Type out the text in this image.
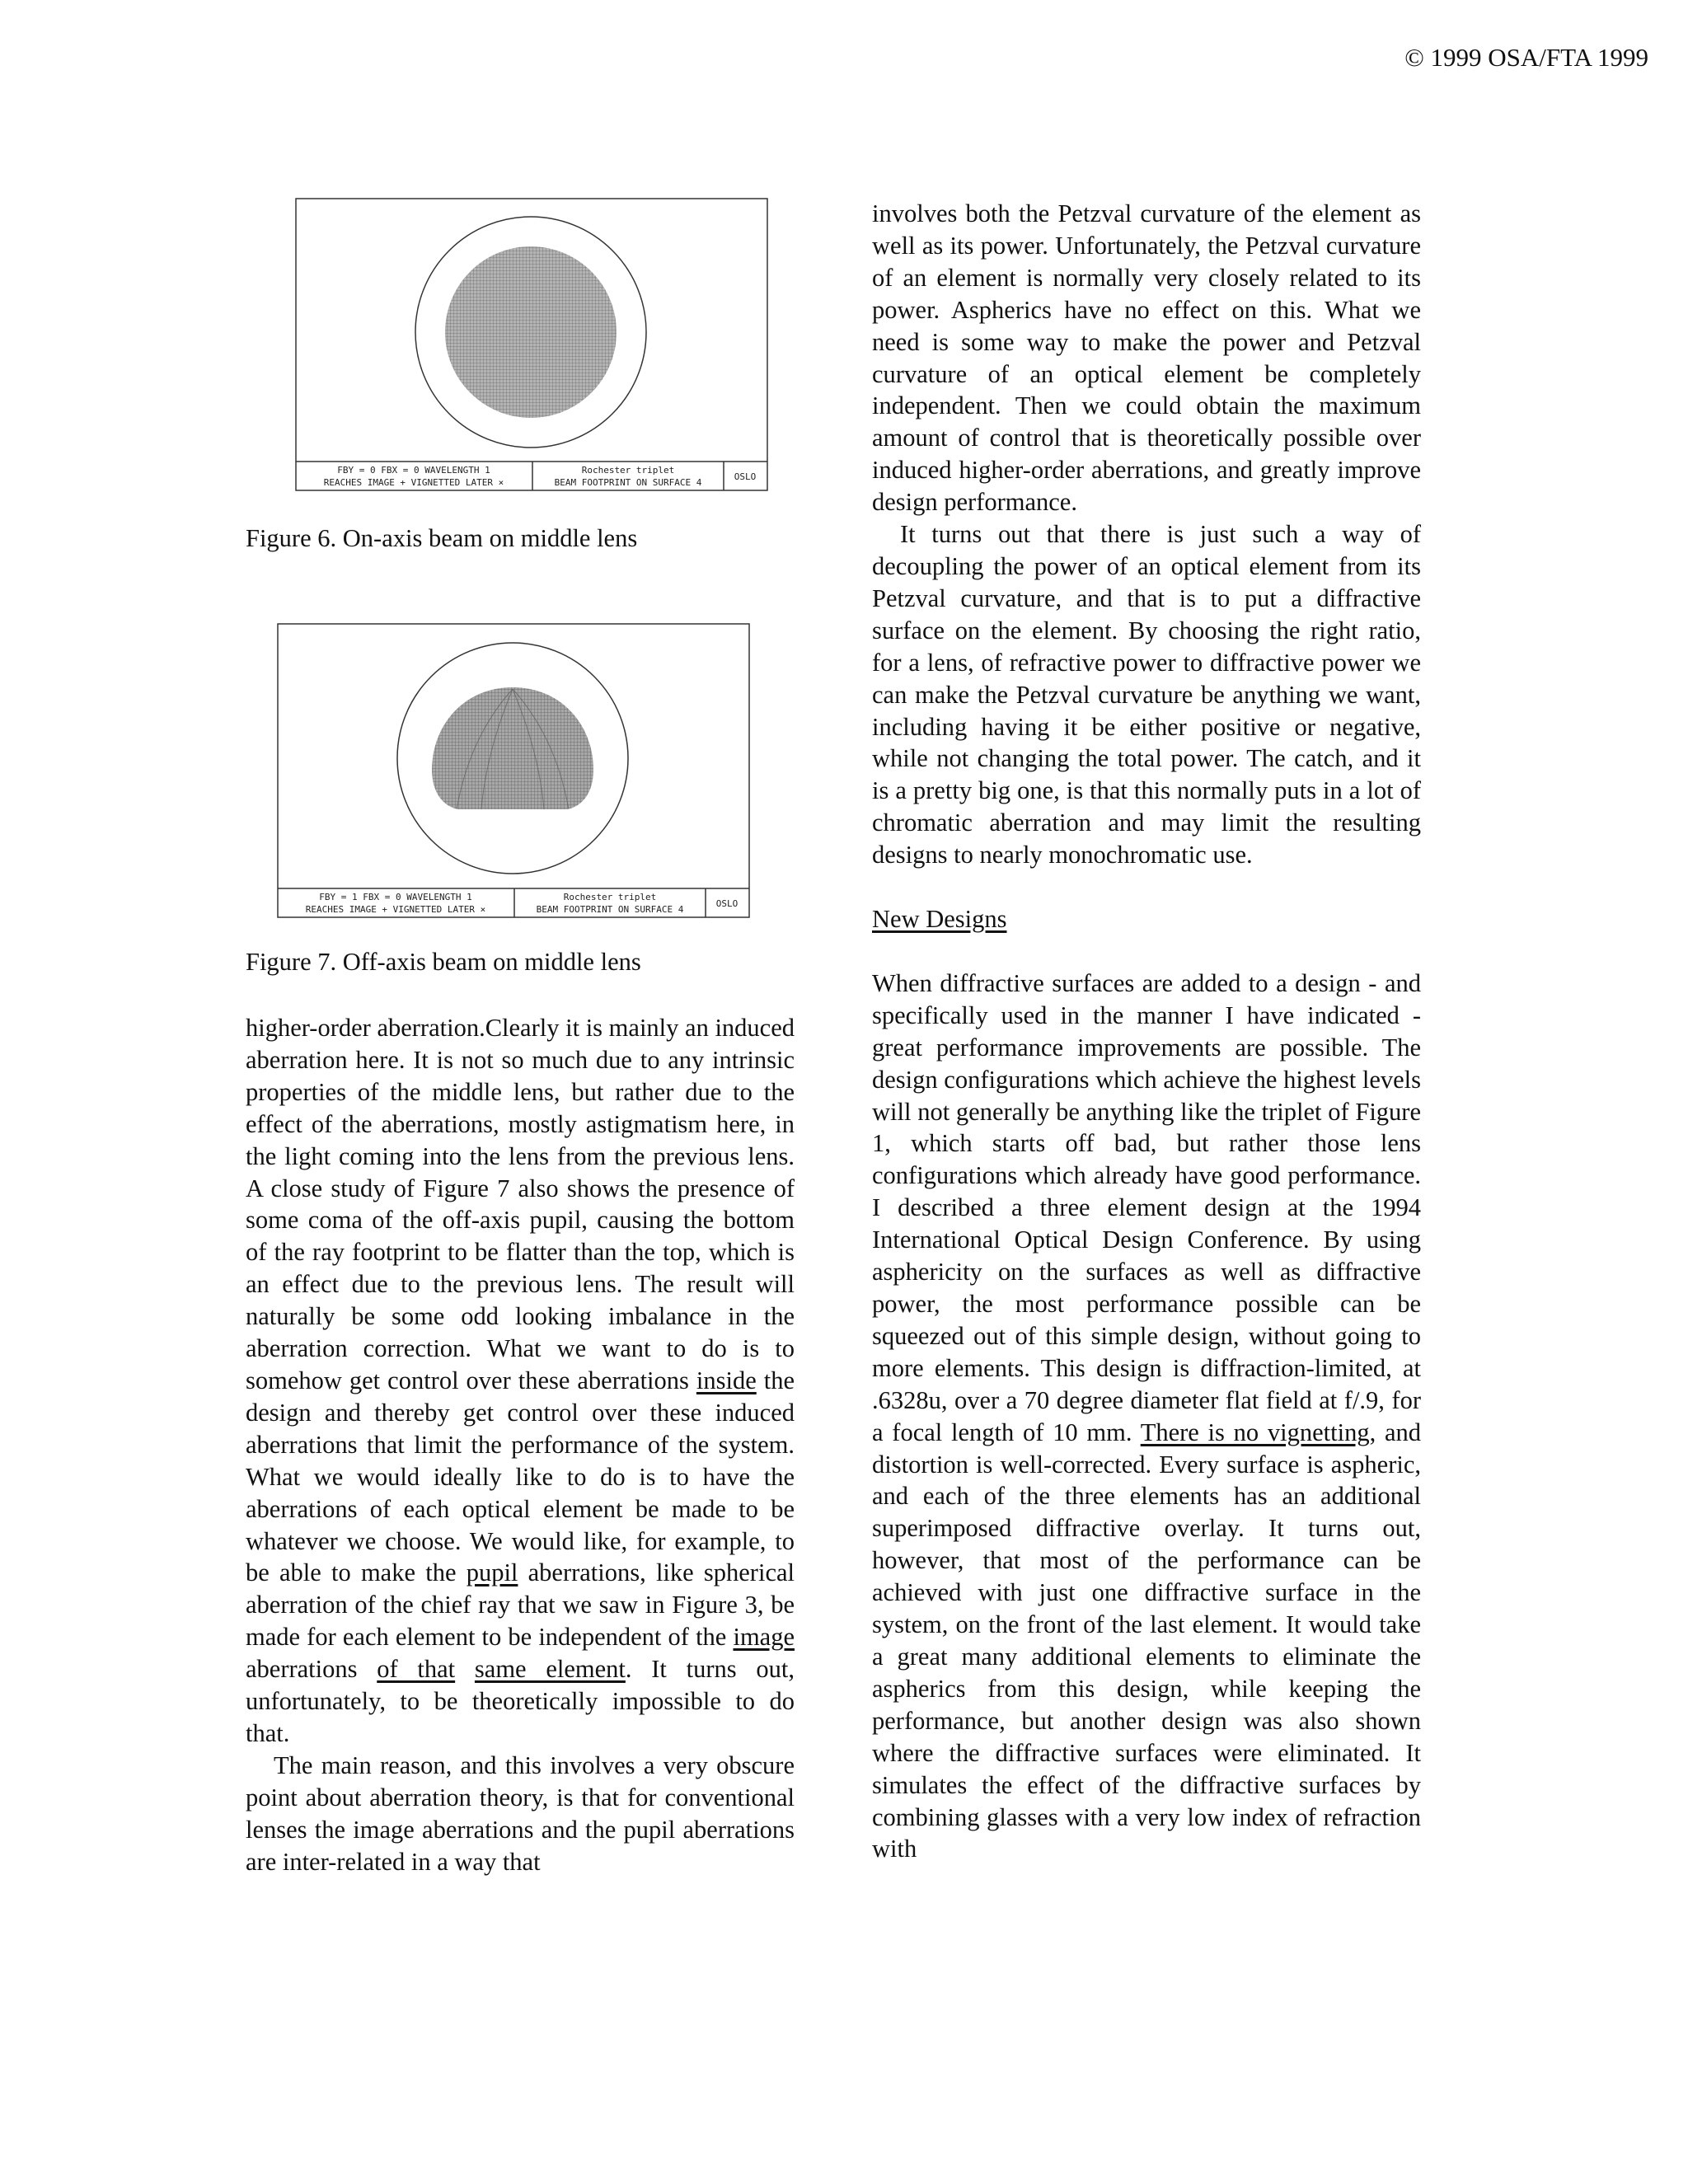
© 1999 OSA/FTA 1999
FBY = 0 FBX = 0 WAVELENGTH 1
REACHES IMAGE + VIGNETTED LATER ×
Rochester triplet
BEAM FOOTPRINT ON SURFACE 4
OSLO
Figure 6. On-axis beam on middle lens
FBY = 1 FBX = 0 WAVELENGTH 1
REACHES IMAGE + VIGNETTED LATER ×
Rochester triplet
BEAM FOOTPRINT ON SURFACE 4
OSLO
Figure 7. Off-axis beam on middle lens

higher-order aberration.Clearly it is mainly an induced aberration here. It is not so much due to any intrinsic properties of the middle lens, but rather due to the effect of the aberrations, mostly astigmatism here, in the light coming into the lens from the previous lens. A close study of Figure 7 also shows the presence of some coma of the off-axis pupil, causing the bottom of the ray footprint to be flatter than the top, which is an effect due to the previous lens. The result will naturally be some odd looking imbalance in the aberration correction. What we want to do is to somehow get control over these aberrations inside the design and thereby get control over these induced aberrations that limit the performance of the system. What we would ideally like to do is to have the aberrations of each optical element be made to be whatever we choose. We would like, for example, to be able to make the pupil aberrations, like spherical aberration of the chief ray that we saw in Figure 3, be made for each element to be independent of the image aberrations of that same element. It turns out, unfortunately, to be theoretically impossible to do that.

The main reason, and this involves a very obscure point about aberration theory, is that for conventional lenses the image aberrations and the pupil aberrations are inter-related in a way that

involves both the Petzval curvature of the element as well as its power. Unfortunately, the Petzval curvature of an element is normally very closely related to its power. Aspherics have no effect on this. What we need is some way to make the power and Petzval curvature of an optical element be completely independent. Then we could obtain the maximum amount of control that is theoretically possible over induced higher-order aberrations, and greatly improve design performance.

It turns out that there is just such a way of decoupling the power of an optical element from its Petzval curvature, and that is to put a diffractive surface on the element. By choosing the right ratio, for a lens, of refractive power to diffractive power we can make the Petzval curvature be anything we want, including having it be either positive or negative, while not changing the total power. The catch, and it is a pretty big one, is that this normally puts in a lot of chromatic aberration and may limit the resulting designs to nearly monochromatic use.

New Designs

When diffractive surfaces are added to a design - and specifically used in the manner I have indicated - great performance improvements are possible. The design configurations which achieve the highest levels will not generally be anything like the triplet of Figure 1, which starts off bad, but rather those lens configurations which already have good performance. I described a three element design at the 1994 International Optical Design Conference. By using asphericity on the surfaces as well as diffractive power, the most performance possible can be squeezed out of this simple design, without going to more elements. This design is diffraction-limited, at .6328u, over a 70 degree diameter flat field at f/.9, for a focal length of 10 mm. There is no vignetting, and distortion is well-corrected. Every surface is aspheric, and each of the three elements has an additional superimposed diffractive overlay. It turns out, however, that most of the performance can be achieved with just one diffractive surface in the system, on the front of the last element. It would take a great many additional elements to eliminate the aspherics from this design, while keeping the performance, but another design was also shown where the diffractive surfaces were eliminated. It simulates the effect of the diffractive surfaces by combining glasses with a very low index of refraction with
